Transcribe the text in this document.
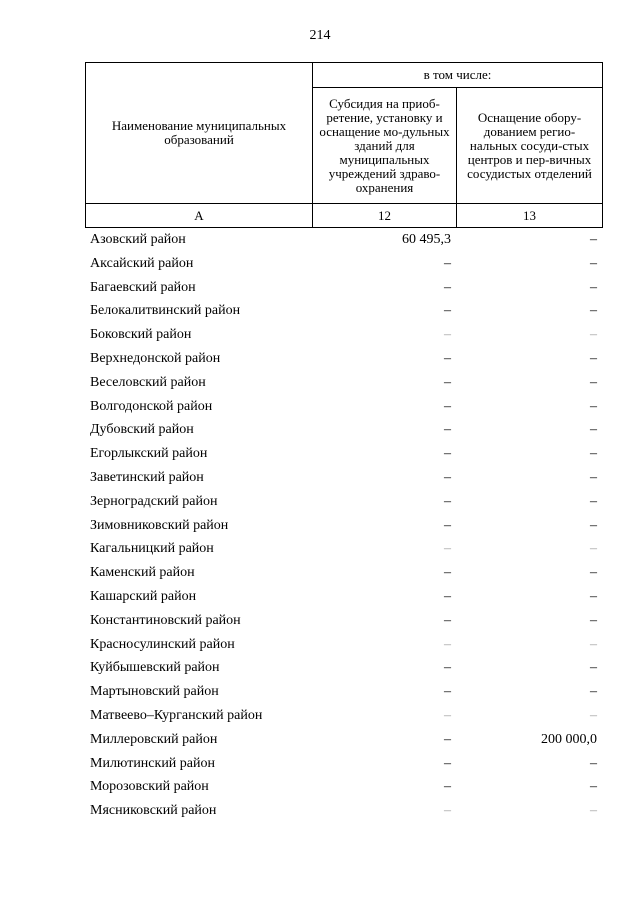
214
Наименование муниципальных образований	в том числе:	
	Субсидия на приоб-ретение, установку и оснащение мо-дульных зданий для муниципальных учреждений здраво-охранения	Оснащение обору-дованием регио-нальных сосуди-стых центров и пер-вичных сосудистых отделений
А	12	13
Азовский район	60 495,3	–
Аксайский район	–	–
Багаевский район	–	–
Белокалитвинский район	–	–
Боковский район	–	–
Верхнедонской район	–	–
Веселовский район	–	–
Волгодонской район	–	–
Дубовский район	–	–
Егорлыкский район	–	–
Заветинский район	–	–
Зерноградский район	–	–
Зимовниковский район	–	–
Кагальницкий район	–	–
Каменский район	–	–
Кашарский район	–	–
Константиновский район	–	–
Красносулинский район	–	–
Куйбышевский район	–	–
Мартыновский район	–	–
Матвеево–Курганский район	–	–
Миллеровский район	–	200 000,0
Милютинский район	–	–
Морозовский район	–	–
Мясниковский район	–	–
